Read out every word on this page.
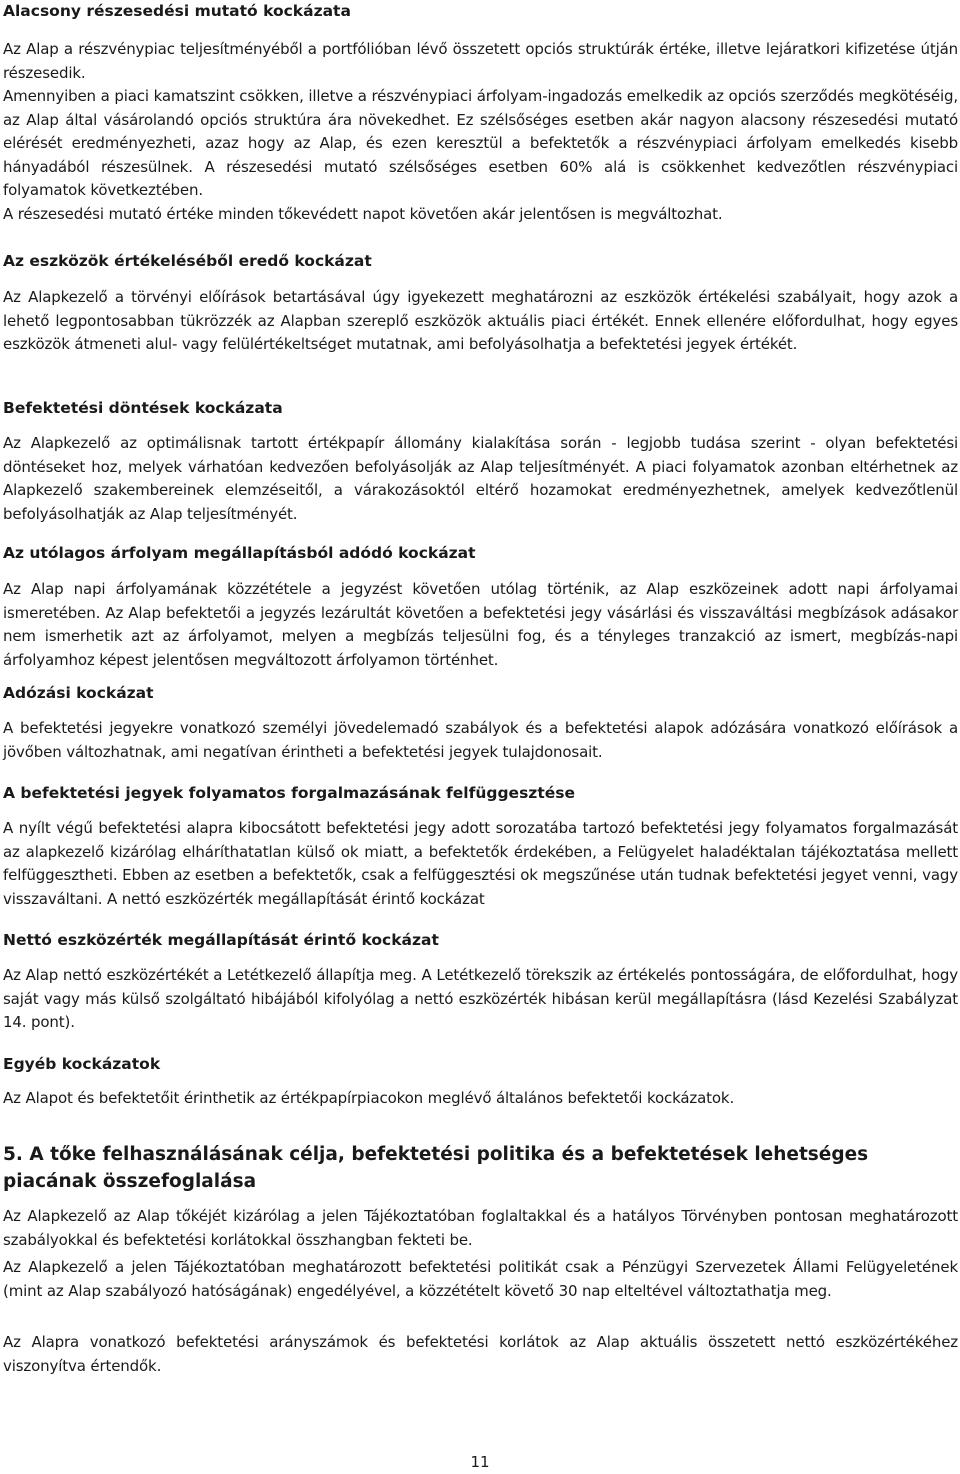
Alacsony részesedési mutató kockázata

Az Alap a részvénypiac teljesítményéből a portfólióban lévő összetett opciós struktúrák értéke, illetve lejáratkori kifizetése útján részesedik.

Amennyiben a piaci kamatszint csökken, illetve a részvénypiaci árfolyam-ingadozás emelkedik az opciós szerződés megkötéséig, az Alap által vásárolandó opciós struktúra ára növekedhet. Ez szélsőséges esetben akár nagyon alacsony részesedési mutató elérését eredményezheti, azaz hogy az Alap, és ezen keresztül a befektetők a részvénypiaci árfolyam emelkedés kisebb hányadából részesülnek. A részesedési mutató szélsőséges esetben 60% alá is csökkenhet kedvezőtlen részvénypiaci folyamatok következtében.

A részesedési mutató értéke minden tőkevédett napot követően akár jelentősen is megváltozhat.

Az eszközök értékeléséből eredő kockázat

Az Alapkezelő a törvényi előírások betartásával úgy igyekezett meghatározni az eszközök értékelési szabályait, hogy azok a lehető legpontosabban tükrözzék az Alapban szereplő eszközök aktuális piaci értékét. Ennek ellenére előfordulhat, hogy egyes eszközök átmeneti alul- vagy felülértékeltséget mutatnak, ami befolyásolhatja a befektetési jegyek értékét.

Befektetési döntések kockázata

Az Alapkezelő az optimálisnak tartott értékpapír állomány kialakítása során - legjobb tudása szerint - olyan befektetési döntéseket hoz, melyek várhatóan kedvezően befolyásolják az Alap teljesítményét. A piaci folyamatok azonban eltérhetnek az Alapkezelő szakembereinek elemzéseitől, a várakozásoktól eltérő hozamokat eredményezhetnek, amelyek kedvezőtlenül befolyásolhatják az Alap teljesítményét.

Az utólagos árfolyam megállapításból adódó kockázat

Az Alap napi árfolyamának közzététele a jegyzést követően utólag történik, az Alap eszközeinek adott napi árfolyamai ismeretében. Az Alap befektetői a jegyzés lezárultát követően a befektetési jegy vásárlási és visszaváltási megbízások adásakor nem ismerhetik azt az árfolyamot, melyen a megbízás teljesülni fog, és a tényleges tranzakció az ismert, megbízás-napi árfolyamhoz képest jelentősen megváltozott árfolyamon történhet.

Adózási kockázat

A befektetési jegyekre vonatkozó személyi jövedelemadó szabályok és a befektetési alapok adózására vonatkozó előírások a jövőben változhatnak, ami negatívan érintheti a befektetési jegyek tulajdonosait.

A befektetési jegyek folyamatos forgalmazásának felfüggesztése

A nyílt végű befektetési alapra kibocsátott befektetési jegy adott sorozatába tartozó befektetési jegy folyamatos forgalmazását az alapkezelő kizárólag elháríthatatlan külső ok miatt, a befektetők érdekében, a Felügyelet haladéktalan tájékoztatása mellett felfüggesztheti. Ebben az esetben a befektetők, csak a felfüggesztési ok megszűnése után tudnak befektetési jegyet venni, vagy visszaváltani. A nettó eszközérték megállapítását érintő kockázat

Nettó eszközérték megállapítását érintő kockázat

Az Alap nettó eszközértékét a Letétkezelő állapítja meg. A Letétkezelő törekszik az értékelés pontosságára, de előfordulhat, hogy saját vagy más külső szolgáltató hibájából kifolyólag a nettó eszközérték hibásan kerül megállapításra (lásd Kezelési Szabályzat 14. pont).

Egyéb kockázatok

Az Alapot és befektetőit érinthetik az értékpapírpiacokon meglévő általános befektetői kockázatok.

5. A tőke felhasználásának célja, befektetési politika és a befektetések lehetséges piacának összefoglalása

Az Alapkezelő az Alap tőkéjét kizárólag a jelen Tájékoztatóban foglaltakkal és a hatályos Törvényben pontosan meghatározott szabályokkal és befektetési korlátokkal összhangban fekteti be.

Az Alapkezelő a jelen Tájékoztatóban meghatározott befektetési politikát csak a Pénzügyi Szervezetek Állami Felügyeletének (mint az Alap szabályozó hatóságának) engedélyével, a közzétételt követő 30 nap elteltével változtathatja meg.

Az Alapra vonatkozó befektetési arányszámok és befektetési korlátok az Alap aktuális összetett nettó eszközértékéhez viszonyítva értendők.

11
